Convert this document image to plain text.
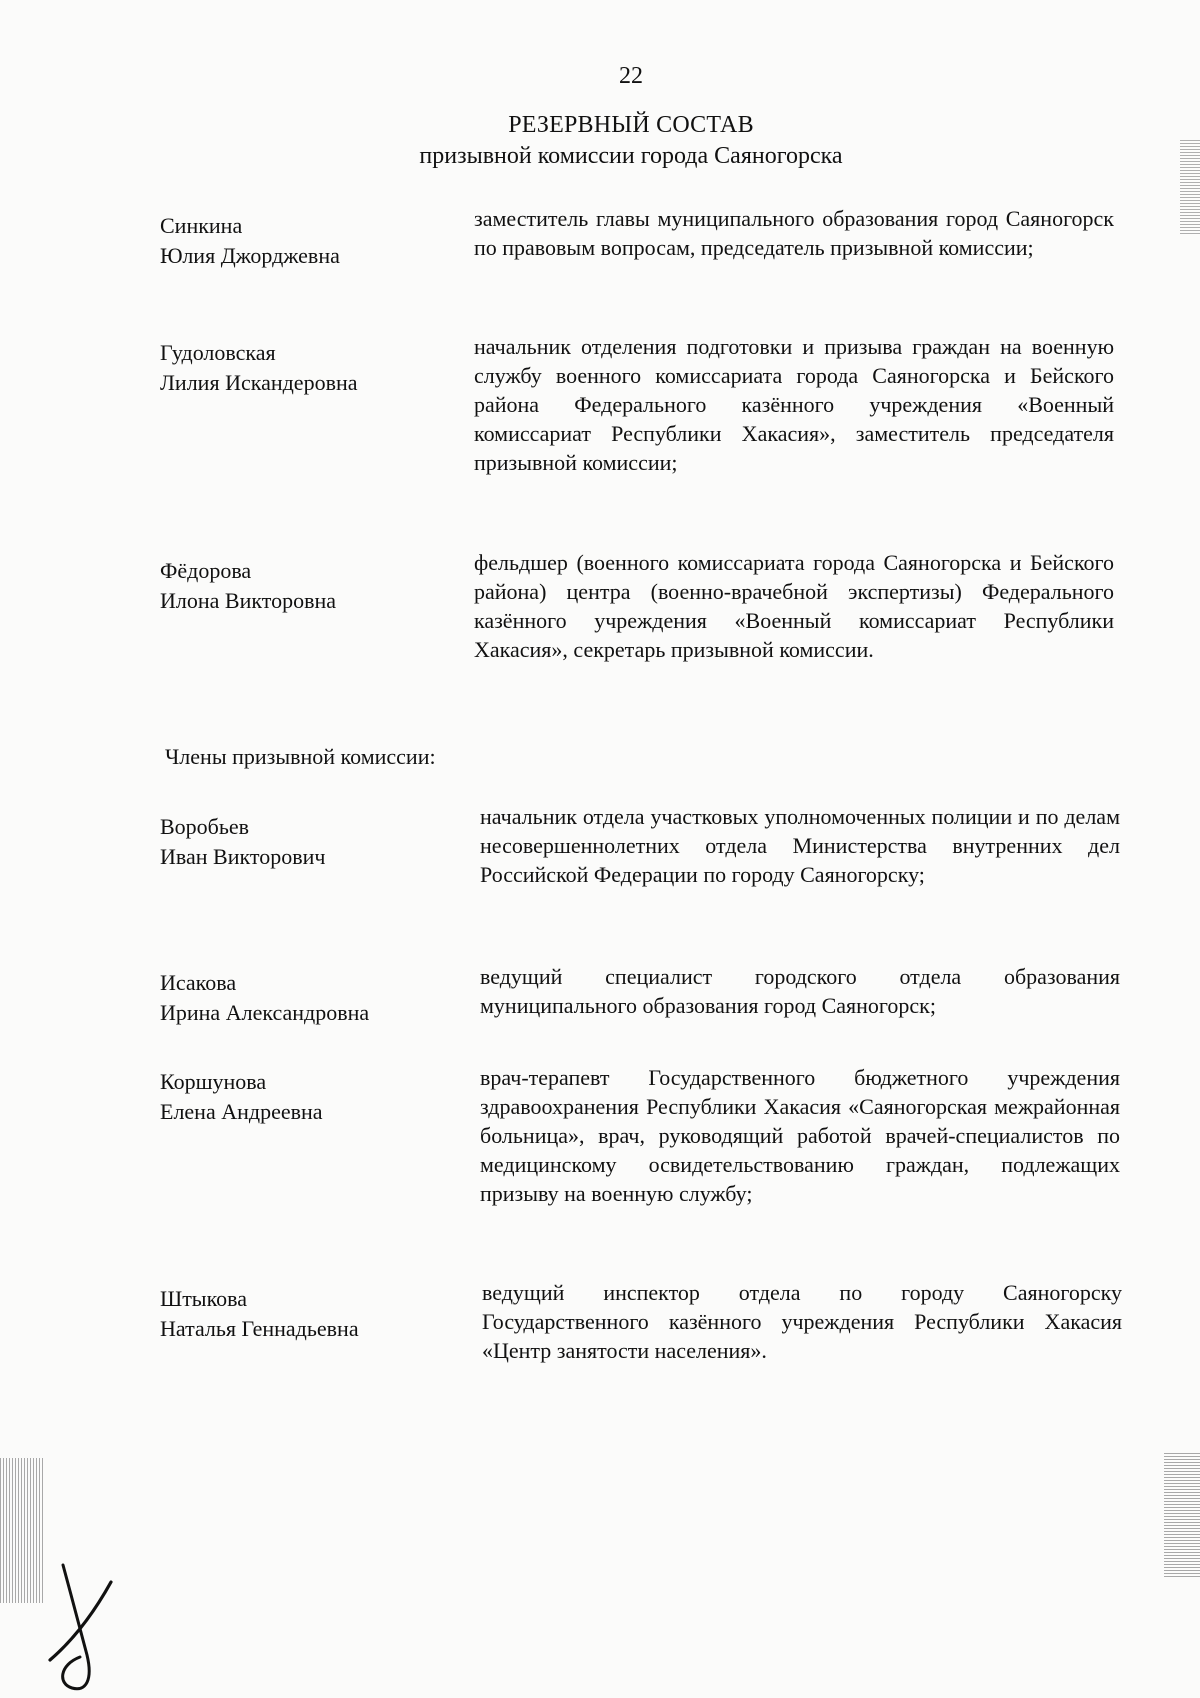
22
РЕЗЕРВНЫЙ СОСТАВ
призывной комиссии города Саяногорска
Синкина
Юлия Джорджевна
заместитель главы муниципального образования город Саяногорск по правовым вопросам, председатель призывной комиссии;
Гудоловская
Лилия Искандеровна
начальник отделения подготовки и призыва граждан на военную службу военного комиссариата города Саяногорска и Бейского района Федерального казённого учреждения «Военный комиссариат Республики Хакасия», заместитель председателя призывной комиссии;
Фёдорова
Илона Викторовна
фельдшер (военного комиссариата города Саяногорска и Бейского района) центра (военно-врачебной экспертизы) Федерального казённого учреждения «Военный комиссариат Республики Хакасия», секретарь призывной комиссии.
Члены призывной комиссии:
Воробьев
Иван Викторович
начальник отдела участковых уполномоченных полиции и по делам несовершеннолетних отдела Министерства внутренних дел Российской Федерации по городу Саяногорску;
Исакова
Ирина Александровна
ведущий специалист городского отдела образования муниципального образования город Саяногорск;
Коршунова
Елена Андреевна
врач-терапевт Государственного бюджетного учреждения здравоохранения Республики Хакасия «Саяногорская межрайонная больница», врач, руководящий работой врачей-специалистов по медицинскому освидетельствованию граждан, подлежащих призыву на военную службу;
Штыкова
Наталья Геннадьевна
ведущий инспектор отдела по городу Саяногорску Государственного казённого учреждения Республики Хакасия «Центр занятости населения».
